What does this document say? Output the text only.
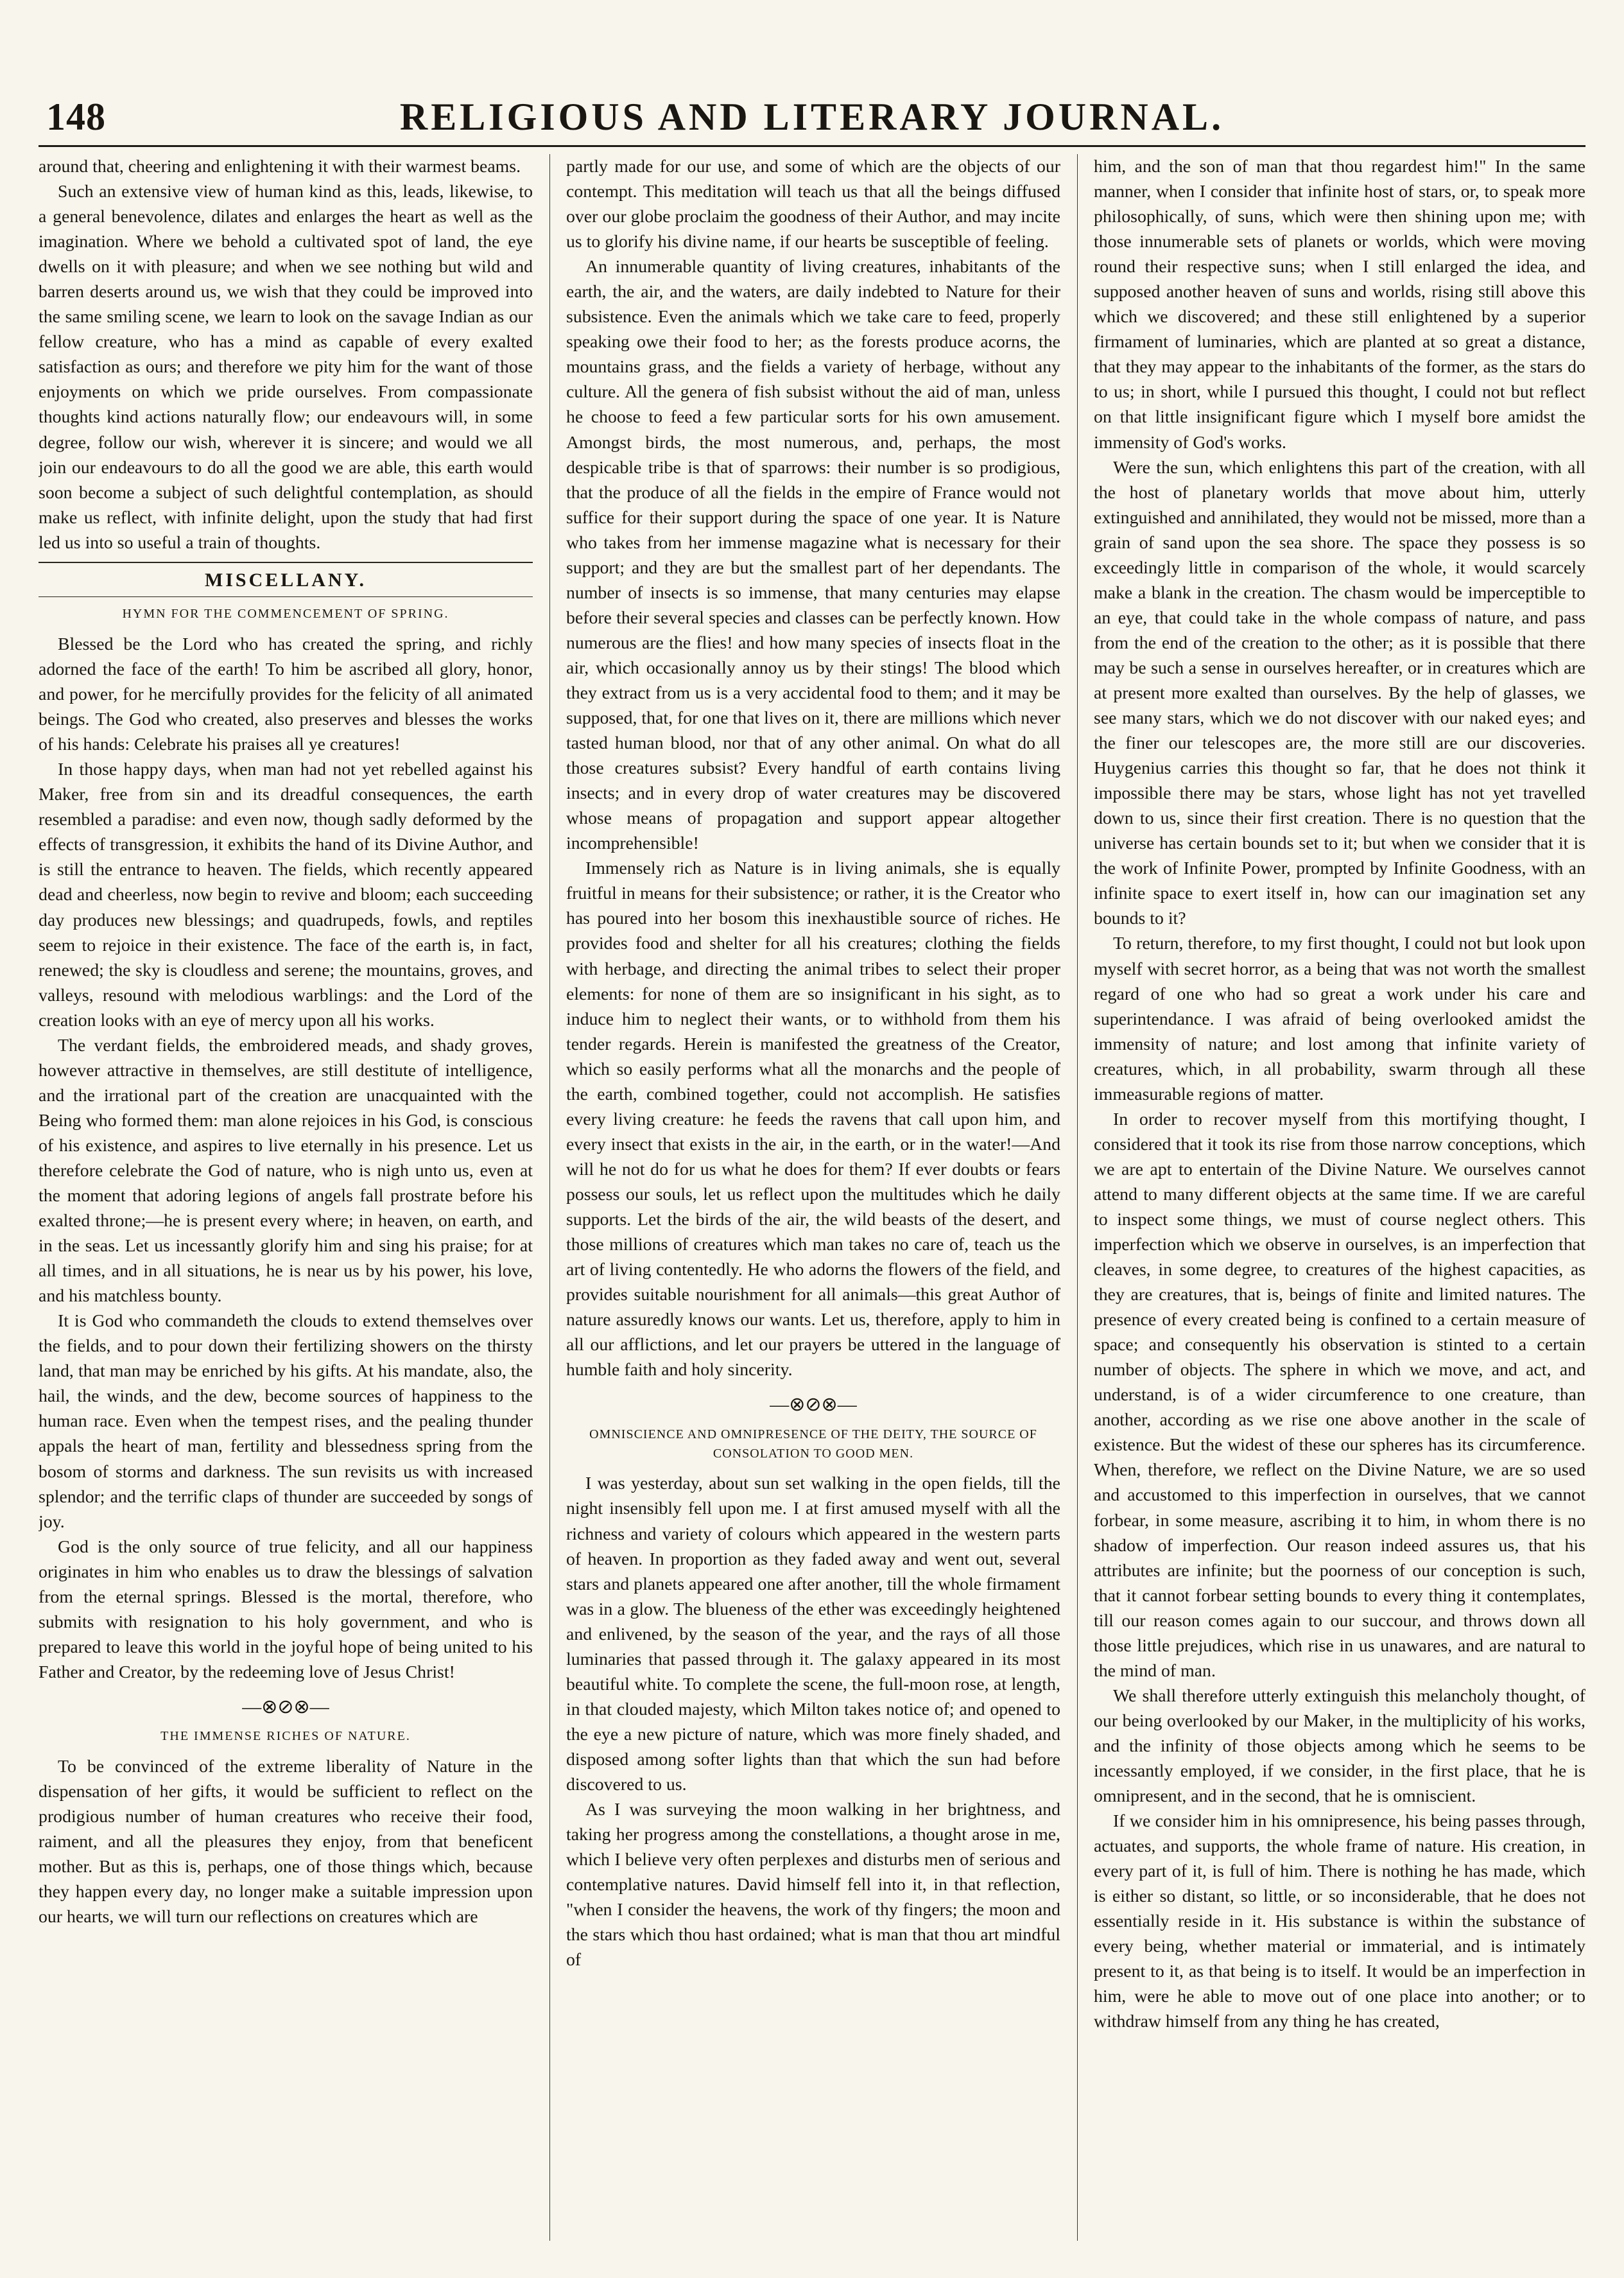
148	RELIGIOUS AND LITERARY JOURNAL.

around that, cheering and enlightening it with their warmest beams.

Such an extensive view of human kind as this, leads, likewise, to a general benevolence, dilates and enlarges the heart as well as the imagination. Where we behold a cultivated spot of land, the eye dwells on it with pleasure; and when we see nothing but wild and barren deserts around us, we wish that they could be improved into the same smiling scene, we learn to look on the savage Indian as our fellow creature, who has a mind as capable of every exalted satisfaction as ours; and therefore we pity him for the want of those enjoyments on which we pride ourselves. From compassionate thoughts kind actions naturally flow; our endeavours will, in some degree, follow our wish, wherever it is sincere; and would we all join our endeavours to do all the good we are able, this earth would soon become a subject of such delightful contemplation, as should make us reflect, with infinite delight, upon the study that had first led us into so useful a train of thoughts.

MISCELLANY.
HYMN FOR THE COMMENCEMENT OF SPRING.

Blessed be the Lord who has created the spring, and richly adorned the face of the earth! To him be ascribed all glory, honor, and power, for he mercifully provides for the felicity of all animated beings. The God who created, also preserves and blesses the works of his hands: Celebrate his praises all ye creatures!

In those happy days, when man had not yet rebelled against his Maker, free from sin and its dreadful consequences, the earth resembled a paradise: and even now, though sadly deformed by the effects of transgression, it exhibits the hand of its Divine Author, and is still the entrance to heaven. The fields, which recently appeared dead and cheerless, now begin to revive and bloom; each succeeding day produces new blessings; and quadrupeds, fowls, and reptiles seem to rejoice in their existence. The face of the earth is, in fact, renewed; the sky is cloudless and serene; the mountains, groves, and valleys, resound with melodious warblings: and the Lord of the creation looks with an eye of mercy upon all his works.

The verdant fields, the embroidered meads, and shady groves, however attractive in themselves, are still destitute of intelligence, and the irrational part of the creation are unacquainted with the Being who formed them: man alone rejoices in his God, is conscious of his existence, and aspires to live eternally in his presence. Let us therefore celebrate the God of nature, who is nigh unto us, even at the moment that adoring legions of angels fall prostrate before his exalted throne;—he is present every where; in heaven, on earth, and in the seas. Let us incessantly glorify him and sing his praise; for at all times, and in all situations, he is near us by his power, his love, and his matchless bounty.

It is God who commandeth the clouds to extend themselves over the fields, and to pour down their fertilizing showers on the thirsty land, that man may be enriched by his gifts. At his mandate, also, the hail, the winds, and the dew, become sources of happiness to the human race. Even when the tempest rises, and the pealing thunder appals the heart of man, fertility and blessedness spring from the bosom of storms and darkness. The sun revisits us with increased splendor; and the terrific claps of thunder are succeeded by songs of joy.

God is the only source of true felicity, and all our happiness originates in him who enables us to draw the blessings of salvation from the eternal springs. Blessed is the mortal, therefore, who submits with resignation to his holy government, and who is prepared to leave this world in the joyful hope of being united to his Father and Creator, by the redeeming love of Jesus Christ!

—⊗⊘⊗—
THE IMMENSE RICHES OF NATURE.

To be convinced of the extreme liberality of Nature in the dispensation of her gifts, it would be sufficient to reflect on the prodigious number of human creatures who receive their food, raiment, and all the pleasures they enjoy, from that beneficent mother. But as this is, perhaps, one of those things which, because they happen every day, no longer make a suitable impression upon our hearts, we will turn our reflections on creatures which are

partly made for our use, and some of which are the objects of our contempt. This meditation will teach us that all the beings diffused over our globe proclaim the goodness of their Author, and may incite us to glorify his divine name, if our hearts be susceptible of feeling.

An innumerable quantity of living creatures, inhabitants of the earth, the air, and the waters, are daily indebted to Nature for their subsistence. Even the animals which we take care to feed, properly speaking owe their food to her; as the forests produce acorns, the mountains grass, and the fields a variety of herbage, without any culture. All the genera of fish subsist without the aid of man, unless he choose to feed a few particular sorts for his own amusement. Amongst birds, the most numerous, and, perhaps, the most despicable tribe is that of sparrows: their number is so prodigious, that the produce of all the fields in the empire of France would not suffice for their support during the space of one year. It is Nature who takes from her immense magazine what is necessary for their support; and they are but the smallest part of her dependants. The number of insects is so immense, that many centuries may elapse before their several species and classes can be perfectly known. How numerous are the flies! and how many species of insects float in the air, which occasionally annoy us by their stings! The blood which they extract from us is a very accidental food to them; and it may be supposed, that, for one that lives on it, there are millions which never tasted human blood, nor that of any other animal. On what do all those creatures subsist? Every handful of earth contains living insects; and in every drop of water creatures may be discovered whose means of propagation and support appear altogether incomprehensible!

Immensely rich as Nature is in living animals, she is equally fruitful in means for their subsistence; or rather, it is the Creator who has poured into her bosom this inexhaustible source of riches. He provides food and shelter for all his creatures; clothing the fields with herbage, and directing the animal tribes to select their proper elements: for none of them are so insignificant in his sight, as to induce him to neglect their wants, or to withhold from them his tender regards. Herein is manifested the greatness of the Creator, which so easily performs what all the monarchs and the people of the earth, combined together, could not accomplish. He satisfies every living creature: he feeds the ravens that call upon him, and every insect that exists in the air, in the earth, or in the water!—And will he not do for us what he does for them? If ever doubts or fears possess our souls, let us reflect upon the multitudes which he daily supports. Let the birds of the air, the wild beasts of the desert, and those millions of creatures which man takes no care of, teach us the art of living contentedly. He who adorns the flowers of the field, and provides suitable nourishment for all animals—this great Author of nature assuredly knows our wants. Let us, therefore, apply to him in all our afflictions, and let our prayers be uttered in the language of humble faith and holy sincerity.

—⊗⊘⊗—
OMNISCIENCE AND OMNIPRESENCE OF THE DEITY, THE SOURCE OF CONSOLATION TO GOOD MEN.

I was yesterday, about sun set walking in the open fields, till the night insensibly fell upon me. I at first amused myself with all the richness and variety of colours which appeared in the western parts of heaven. In proportion as they faded away and went out, several stars and planets appeared one after another, till the whole firmament was in a glow. The blueness of the ether was exceedingly heightened and enlivened, by the season of the year, and the rays of all those luminaries that passed through it. The galaxy appeared in its most beautiful white. To complete the scene, the full-moon rose, at length, in that clouded majesty, which Milton takes notice of; and opened to the eye a new picture of nature, which was more finely shaded, and disposed among softer lights than that which the sun had before discovered to us.

As I was surveying the moon walking in her brightness, and taking her progress among the constellations, a thought arose in me, which I believe very often perplexes and disturbs men of serious and contemplative natures. David himself fell into it, in that reflection, "when I consider the heavens, the work of thy fingers; the moon and the stars which thou hast ordained; what is man that thou art mindful of

him, and the son of man that thou regardest him!" In the same manner, when I consider that infinite host of stars, or, to speak more philosophically, of suns, which were then shining upon me; with those innumerable sets of planets or worlds, which were moving round their respective suns; when I still enlarged the idea, and supposed another heaven of suns and worlds, rising still above this which we discovered; and these still enlightened by a superior firmament of luminaries, which are planted at so great a distance, that they may appear to the inhabitants of the former, as the stars do to us; in short, while I pursued this thought, I could not but reflect on that little insignificant figure which I myself bore amidst the immensity of God's works.

Were the sun, which enlightens this part of the creation, with all the host of planetary worlds that move about him, utterly extinguished and annihilated, they would not be missed, more than a grain of sand upon the sea shore. The space they possess is so exceedingly little in comparison of the whole, it would scarcely make a blank in the creation. The chasm would be imperceptible to an eye, that could take in the whole compass of nature, and pass from the end of the creation to the other; as it is possible that there may be such a sense in ourselves hereafter, or in creatures which are at present more exalted than ourselves. By the help of glasses, we see many stars, which we do not discover with our naked eyes; and the finer our telescopes are, the more still are our discoveries. Huygenius carries this thought so far, that he does not think it impossible there may be stars, whose light has not yet travelled down to us, since their first creation. There is no question that the universe has certain bounds set to it; but when we consider that it is the work of Infinite Power, prompted by Infinite Goodness, with an infinite space to exert itself in, how can our imagination set any bounds to it?

To return, therefore, to my first thought, I could not but look upon myself with secret horror, as a being that was not worth the smallest regard of one who had so great a work under his care and superintendance. I was afraid of being overlooked amidst the immensity of nature; and lost among that infinite variety of creatures, which, in all probability, swarm through all these immeasurable regions of matter.

In order to recover myself from this mortifying thought, I considered that it took its rise from those narrow conceptions, which we are apt to entertain of the Divine Nature. We ourselves cannot attend to many different objects at the same time. If we are careful to inspect some things, we must of course neglect others. This imperfection which we observe in ourselves, is an imperfection that cleaves, in some degree, to creatures of the highest capacities, as they are creatures, that is, beings of finite and limited natures. The presence of every created being is confined to a certain measure of space; and consequently his observation is stinted to a certain number of objects. The sphere in which we move, and act, and understand, is of a wider circumference to one creature, than another, according as we rise one above another in the scale of existence. But the widest of these our spheres has its circumference. When, therefore, we reflect on the Divine Nature, we are so used and accustomed to this imperfection in ourselves, that we cannot forbear, in some measure, ascribing it to him, in whom there is no shadow of imperfection. Our reason indeed assures us, that his attributes are infinite; but the poorness of our conception is such, that it cannot forbear setting bounds to every thing it contemplates, till our reason comes again to our succour, and throws down all those little prejudices, which rise in us unawares, and are natural to the mind of man.

We shall therefore utterly extinguish this melancholy thought, of our being overlooked by our Maker, in the multiplicity of his works, and the infinity of those objects among which he seems to be incessantly employed, if we consider, in the first place, that he is omnipresent, and in the second, that he is omniscient.

If we consider him in his omnipresence, his being passes through, actuates, and supports, the whole frame of nature. His creation, in every part of it, is full of him. There is nothing he has made, which is either so distant, so little, or so inconsiderable, that he does not essentially reside in it. His substance is within the substance of every being, whether material or immaterial, and is intimately present to it, as that being is to itself. It would be an imperfection in him, were he able to move out of one place into another; or to withdraw himself from any thing he has created,
